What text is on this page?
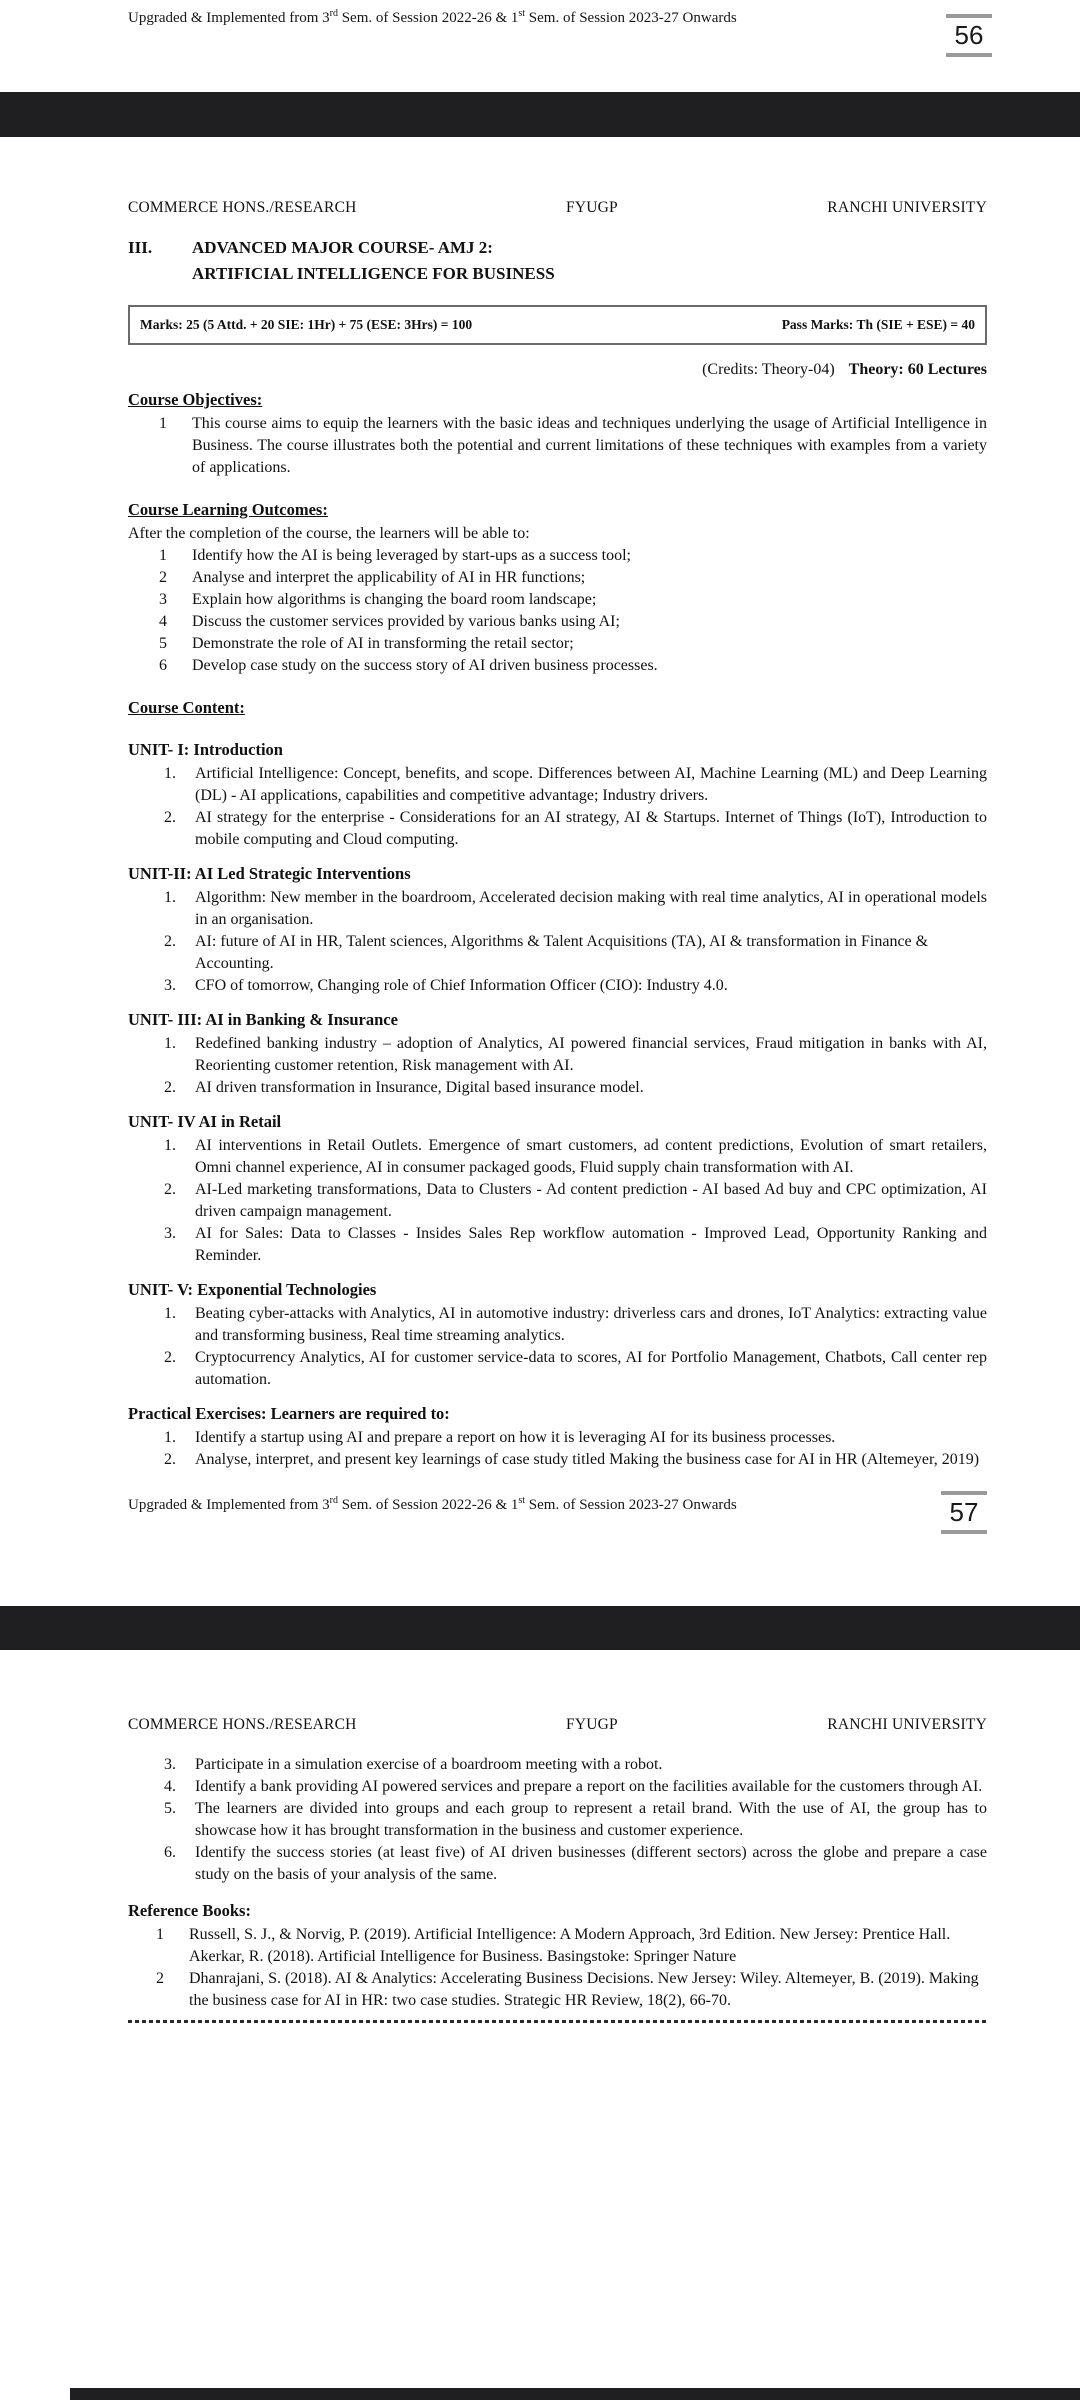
Upgraded & Implemented from 3rd Sem. of Session 2022-26 & 1st Sem. of Session 2023-27 Onwards
56
COMMERCE HONS./RESEARCH	FYUGP	RANCHI UNIVERSITY
III.	ADVANCED MAJOR COURSE- AMJ 2:
ARTIFICIAL INTELLIGENCE FOR BUSINESS
Marks: 25 (5 Attd. + 20 SIE: 1Hr) + 75 (ESE: 3Hrs) = 100	Pass Marks: Th (SIE + ESE) = 40
(Credits: Theory-04) Theory: 60 Lectures
Course Objectives:
1	This course aims to equip the learners with the basic ideas and techniques underlying the usage of Artificial Intelligence in Business. The course illustrates both the potential and current limitations of these techniques with examples from a variety of applications.
Course Learning Outcomes:
After the completion of the course, the learners will be able to:
1	Identify how the AI is being leveraged by start-ups as a success tool;
2	Analyse and interpret the applicability of AI in HR functions;
3	Explain how algorithms is changing the board room landscape;
4	Discuss the customer services provided by various banks using AI;
5	Demonstrate the role of AI in transforming the retail sector;
6	Develop case study on the success story of AI driven business processes.
Course Content:
UNIT- I: Introduction
1.	Artificial Intelligence: Concept, benefits, and scope. Differences between AI, Machine Learning (ML) and Deep Learning (DL) - AI applications, capabilities and competitive advantage; Industry drivers.
2.	AI strategy for the enterprise - Considerations for an AI strategy, AI & Startups. Internet of Things (IoT), Introduction to mobile computing and Cloud computing.
UNIT-II: AI Led Strategic Interventions
1.	Algorithm: New member in the boardroom, Accelerated decision making with real time analytics, AI in operational models in an organisation.
2.	AI: future of AI in HR, Talent sciences, Algorithms & Talent Acquisitions (TA), AI & transformation in Finance & Accounting.
3.	CFO of tomorrow, Changing role of Chief Information Officer (CIO): Industry 4.0.
UNIT- III: AI in Banking & Insurance
1.	Redefined banking industry – adoption of Analytics, AI powered financial services, Fraud mitigation in banks with AI, Reorienting customer retention, Risk management with AI.
2.	AI driven transformation in Insurance, Digital based insurance model.
UNIT- IV AI in Retail
1.	AI interventions in Retail Outlets. Emergence of smart customers, ad content predictions, Evolution of smart retailers, Omni channel experience, AI in consumer packaged goods, Fluid supply chain transformation with AI.
2.	AI-Led marketing transformations, Data to Clusters - Ad content prediction - AI based Ad buy and CPC optimization, AI driven campaign management.
3.	AI for Sales: Data to Classes - Insides Sales Rep workflow automation - Improved Lead, Opportunity Ranking and Reminder.
UNIT- V: Exponential Technologies
1.	Beating cyber-attacks with Analytics, AI in automotive industry: driverless cars and drones, IoT Analytics: extracting value and transforming business, Real time streaming analytics.
2.	Cryptocurrency Analytics, AI for customer service-data to scores, AI for Portfolio Management, Chatbots, Call center rep automation.
Practical Exercises: Learners are required to:
1.	Identify a startup using AI and prepare a report on how it is leveraging AI for its business processes.
2.	Analyse, interpret, and present key learnings of case study titled Making the business case for AI in HR (Altemeyer, 2019)
Upgraded & Implemented from 3rd Sem. of Session 2022-26 & 1st Sem. of Session 2023-27 Onwards	57
COMMERCE HONS./RESEARCH	FYUGP	RANCHI UNIVERSITY
3.	Participate in a simulation exercise of a boardroom meeting with a robot.
4.	Identify a bank providing AI powered services and prepare a report on the facilities available for the customers through AI.
5.	The learners are divided into groups and each group to represent a retail brand. With the use of AI, the group has to showcase how it has brought transformation in the business and customer experience.
6.	Identify the success stories (at least five) of AI driven businesses (different sectors) across the globe and prepare a case study on the basis of your analysis of the same.
Reference Books:
1	Russell, S. J., & Norvig, P. (2019). Artificial Intelligence: A Modern Approach, 3rd Edition. New Jersey: Prentice Hall. Akerkar, R. (2018). Artificial Intelligence for Business. Basingstoke: Springer Nature
2	Dhanrajani, S. (2018). AI & Analytics: Accelerating Business Decisions. New Jersey: Wiley. Altemeyer, B. (2019). Making the business case for AI in HR: two case studies. Strategic HR Review, 18(2), 66-70.
